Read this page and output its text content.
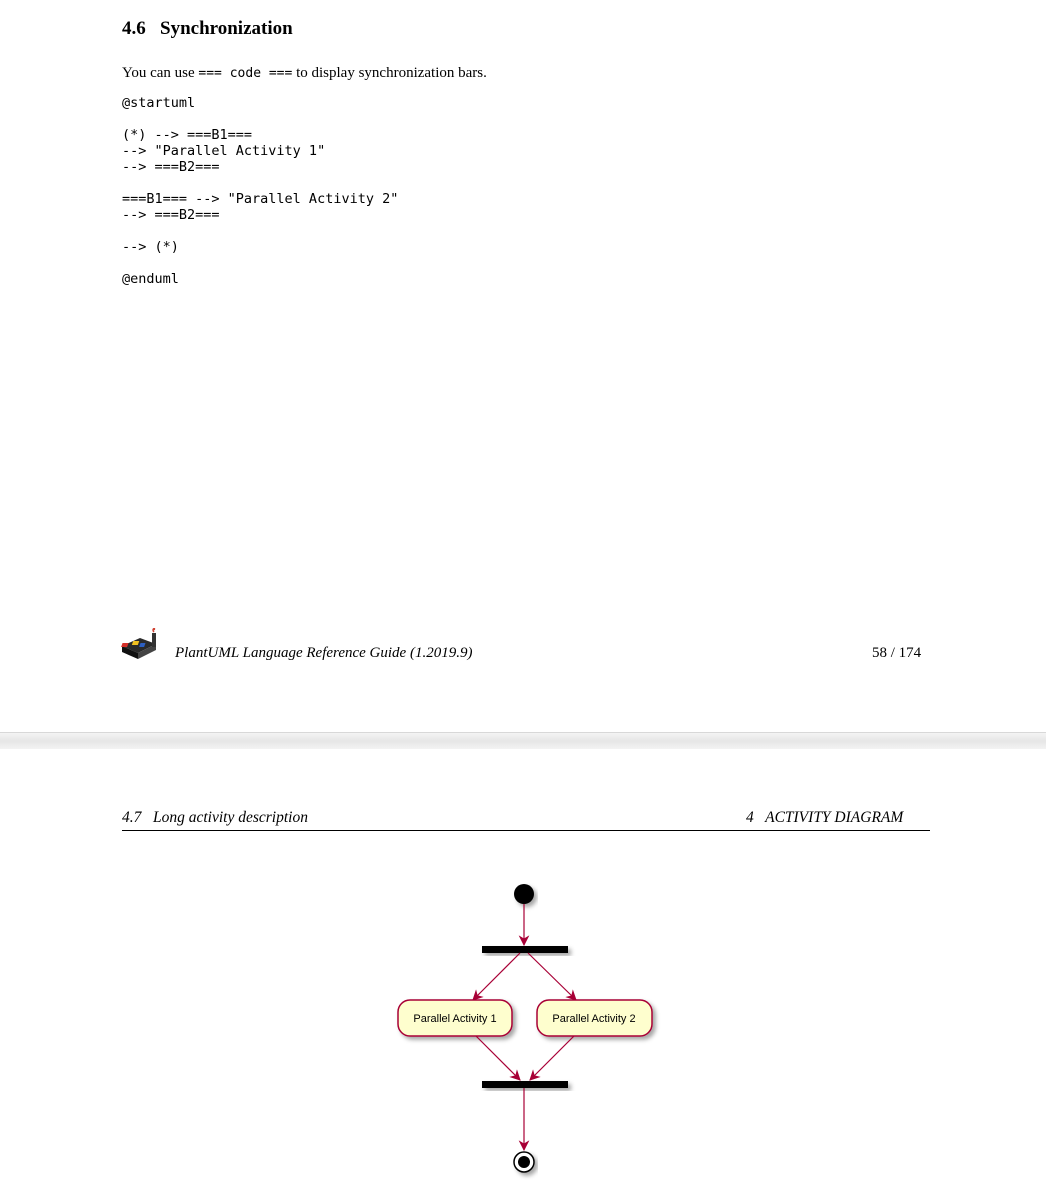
4.6 Synchronization
You can use === code === to display synchronization bars.
@startuml

(*) --> ===B1===
--> "Parallel Activity 1"
--> ===B2===

===B1=== --> "Parallel Activity 2"
--> ===B2===

--> (*)

@enduml
PlantUML Language Reference Guide (1.2019.9)	58 / 174
4.7   Long activity description	4   ACTIVITY DIAGRAM
Parallel Activity 1	Parallel Activity 2
